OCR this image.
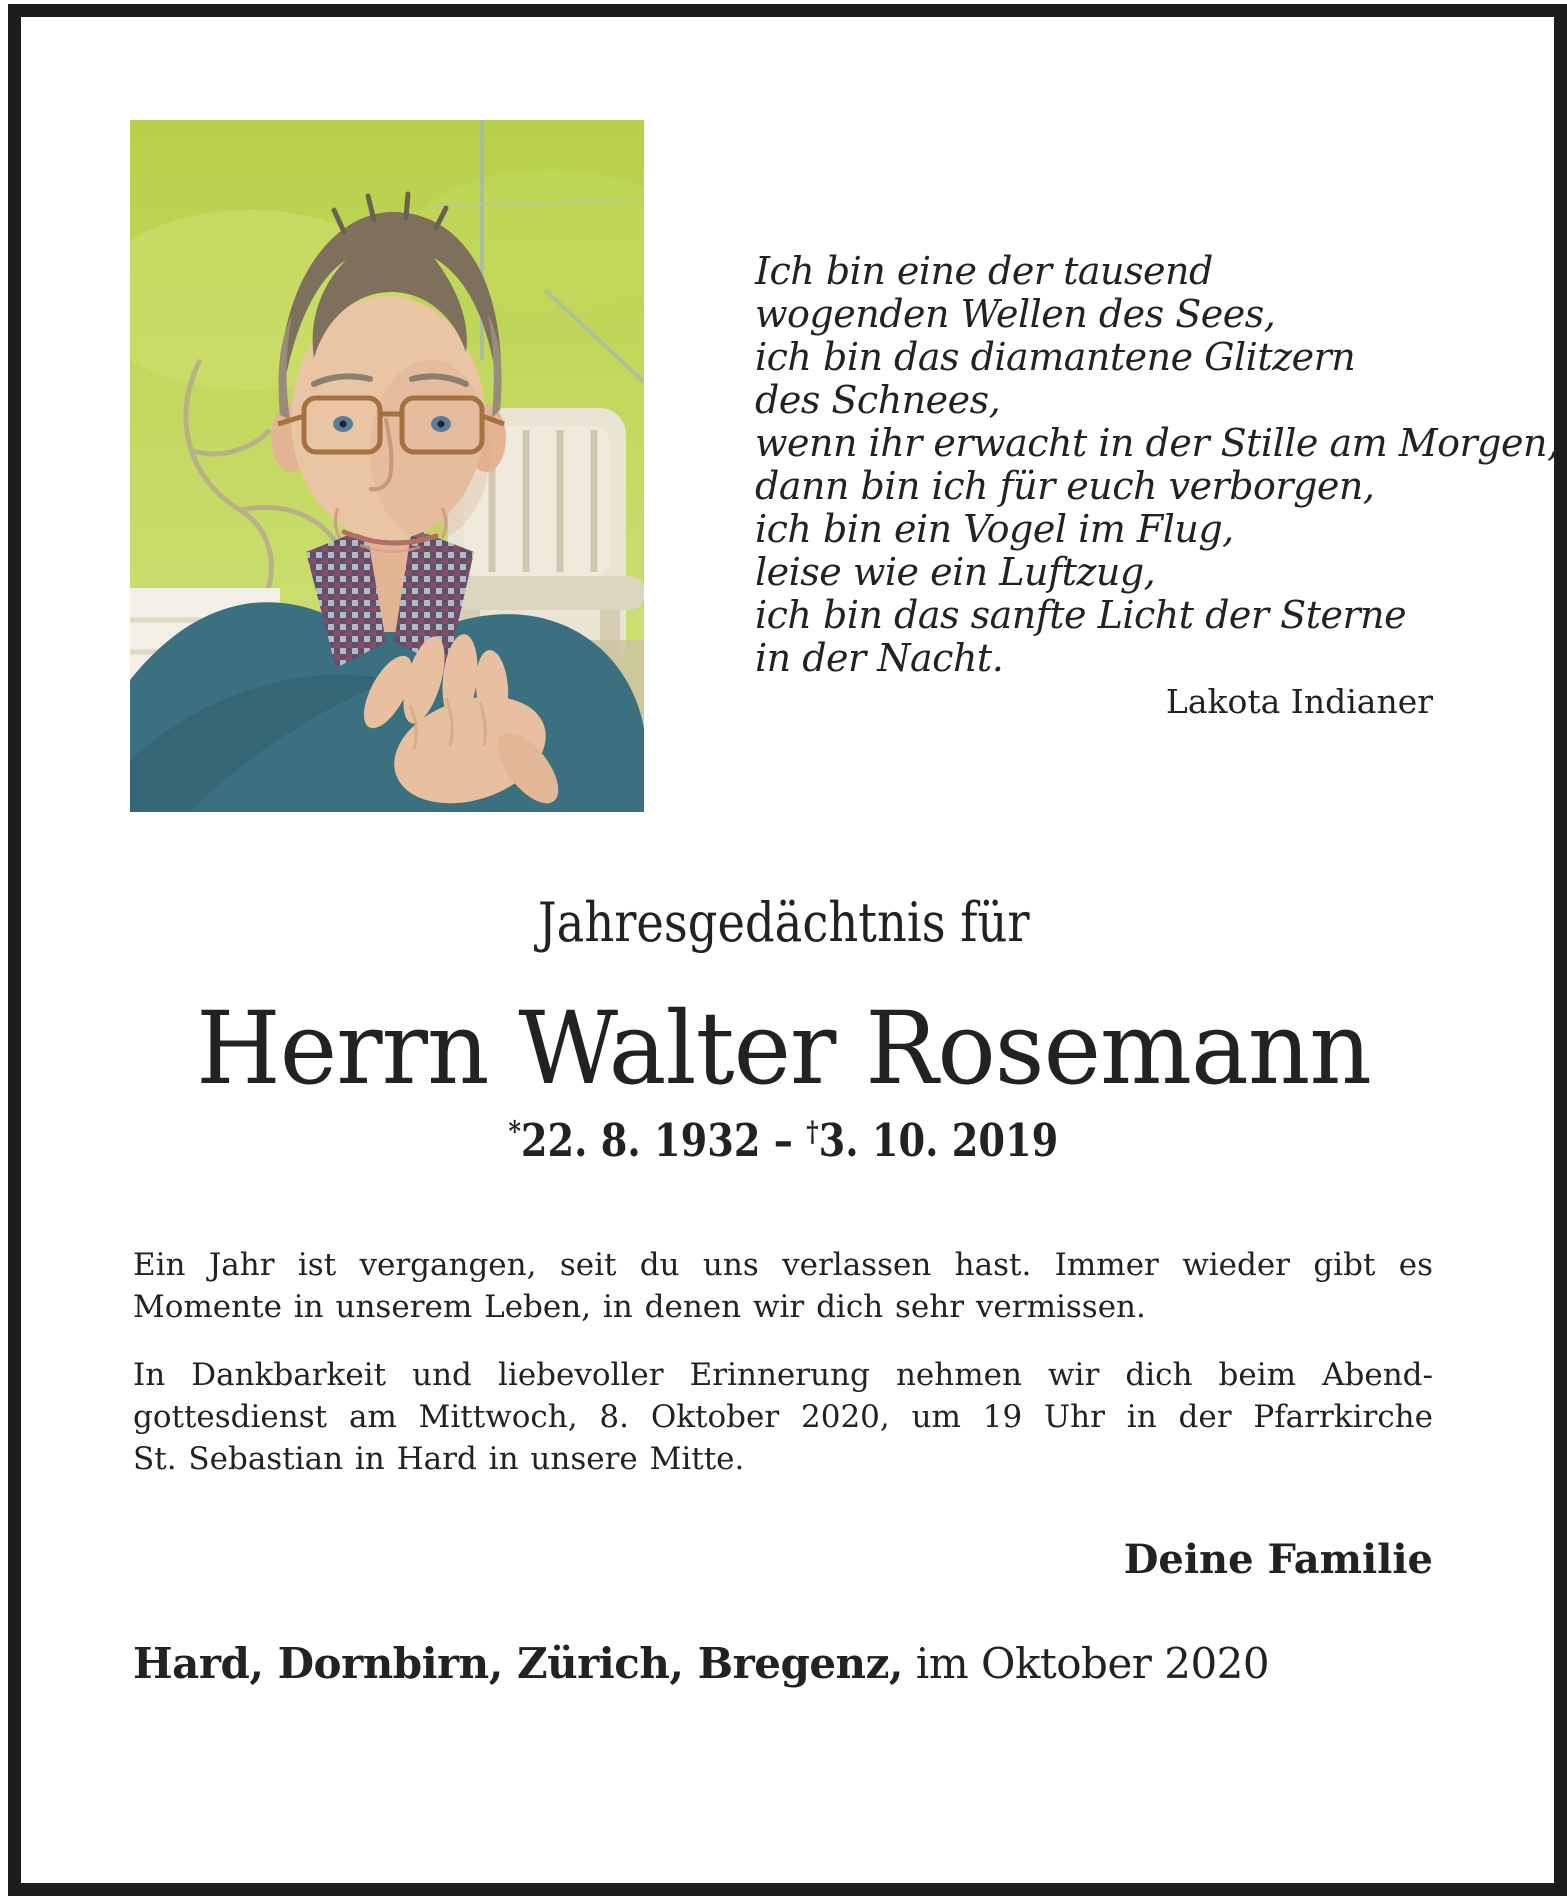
Ich bin eine der tausend
wogenden Wellen des Sees,
ich bin das diamantene Glitzern
des Schnees,
wenn ihr erwacht in der Stille am Morgen,
dann bin ich für euch verborgen,
ich bin ein Vogel im Flug,
leise wie ein Luftzug,
ich bin das sanfte Licht der Sterne
in der Nacht.
Lakota Indianer
Jahresgedächtnis für
Herrn Walter Rosemann
*22. 8. 1932 – †3. 10. 2019
Ein Jahr ist vergangen, seit du uns verlassen hast. Immer wieder gibt es
Momente in unserem Leben, in denen wir dich sehr vermissen.
In Dankbarkeit und liebevoller Erinnerung nehmen wir dich beim Abend-
gottesdienst am Mittwoch, 8. Oktober 2020, um 19 Uhr in der Pfarrkirche
St. Sebastian in Hard in unsere Mitte.
Deine Familie
Hard, Dornbirn, Zürich, Bregenz, im Oktober 2020
